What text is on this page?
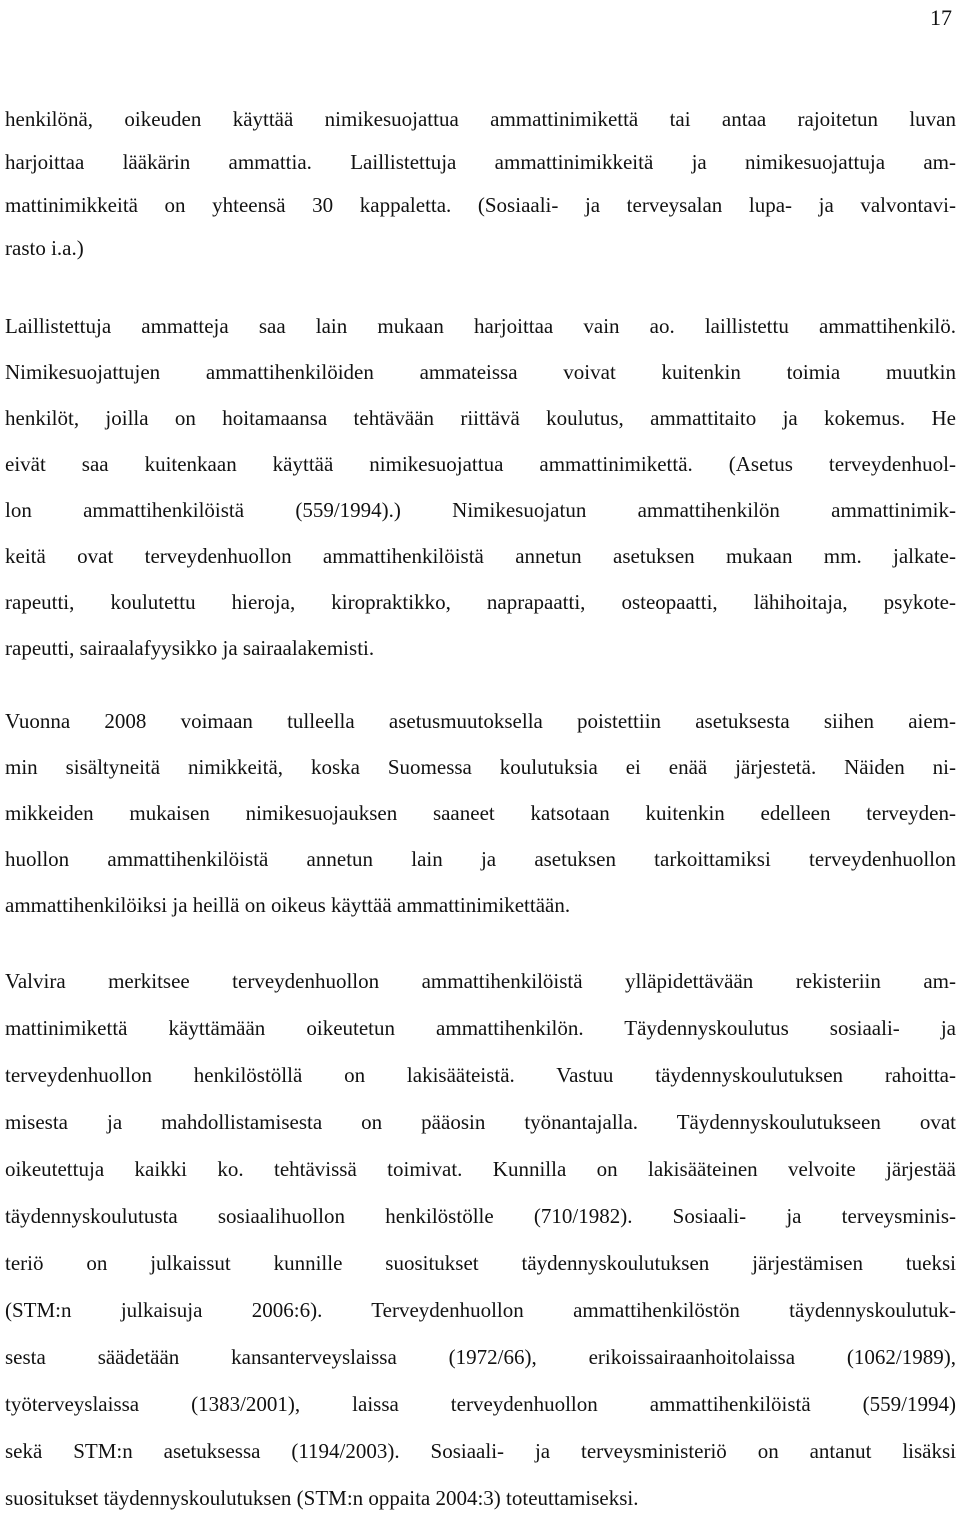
17
henkilönä, oikeuden käyttää nimikesuojattua ammattinimikettä tai antaa rajoitetun luvan
harjoittaa lääkärin ammattia. Laillistettuja ammattinimikkeitä ja nimikesuojattuja am-
mattinimikkeitä on yhteensä 30 kappaletta. (Sosiaali- ja terveysalan lupa- ja valvontavi-
rasto i.a.)
Laillistettuja ammatteja saa lain mukaan harjoittaa vain ao. laillistettu ammattihenkilö.
Nimikesuojattujen ammattihenkilöiden ammateissa voivat kuitenkin toimia muutkin
henkilöt, joilla on hoitamaansa tehtävään riittävä koulutus, ammattitaito ja kokemus. He
eivät saa kuitenkaan käyttää nimikesuojattua ammattinimikettä. (Asetus terveydenhuol-
lon ammattihenkilöistä (559/1994).) Nimikesuojatun ammattihenkilön ammattinimik-
keitä ovat terveydenhuollon ammattihenkilöistä annetun asetuksen mukaan mm. jalkate-
rapeutti, koulutettu hieroja, kiropraktikko, naprapaatti, osteopaatti, lähihoitaja, psykote-
rapeutti, sairaalafyysikko ja sairaalakemisti.
Vuonna 2008 voimaan tulleella asetusmuutoksella poistettiin asetuksesta siihen aiem-
min sisältyneitä nimikkeitä, koska Suomessa koulutuksia ei enää järjestetä. Näiden ni-
mikkeiden mukaisen nimikesuojauksen saaneet katsotaan kuitenkin edelleen terveyden-
huollon ammattihenkilöistä annetun lain ja asetuksen tarkoittamiksi terveydenhuollon
ammattihenkilöiksi ja heillä on oikeus käyttää ammattinimikettään.
Valvira merkitsee terveydenhuollon ammattihenkilöistä ylläpidettävään rekisteriin am-
mattinimikettä käyttämään oikeutetun ammattihenkilön. Täydennyskoulutus sosiaali- ja
terveydenhuollon henkilöstöllä on lakisääteistä. Vastuu täydennyskoulutuksen rahoitta-
misesta ja mahdollistamisesta on pääosin työnantajalla. Täydennyskoulutukseen ovat
oikeutettuja kaikki ko. tehtävissä toimivat. Kunnilla on lakisääteinen velvoite järjestää
täydennyskoulutusta sosiaalihuollon henkilöstölle (710/1982). Sosiaali- ja terveysminis-
teriö on julkaissut kunnille suositukset täydennyskoulutuksen järjestämisen tueksi
(STM:n julkaisuja 2006:6). Terveydenhuollon ammattihenkilöstön täydennyskoulutuk-
sesta säädetään kansanterveyslaissa (1972/66), erikoissairaanhoitolaissa (1062/1989),
työterveyslaissa (1383/2001), laissa terveydenhuollon ammattihenkilöistä (559/1994)
sekä STM:n asetuksessa (1194/2003). Sosiaali- ja terveysministeriö on antanut lisäksi
suositukset täydennyskoulutuksen (STM:n oppaita 2004:3) toteuttamiseksi.
